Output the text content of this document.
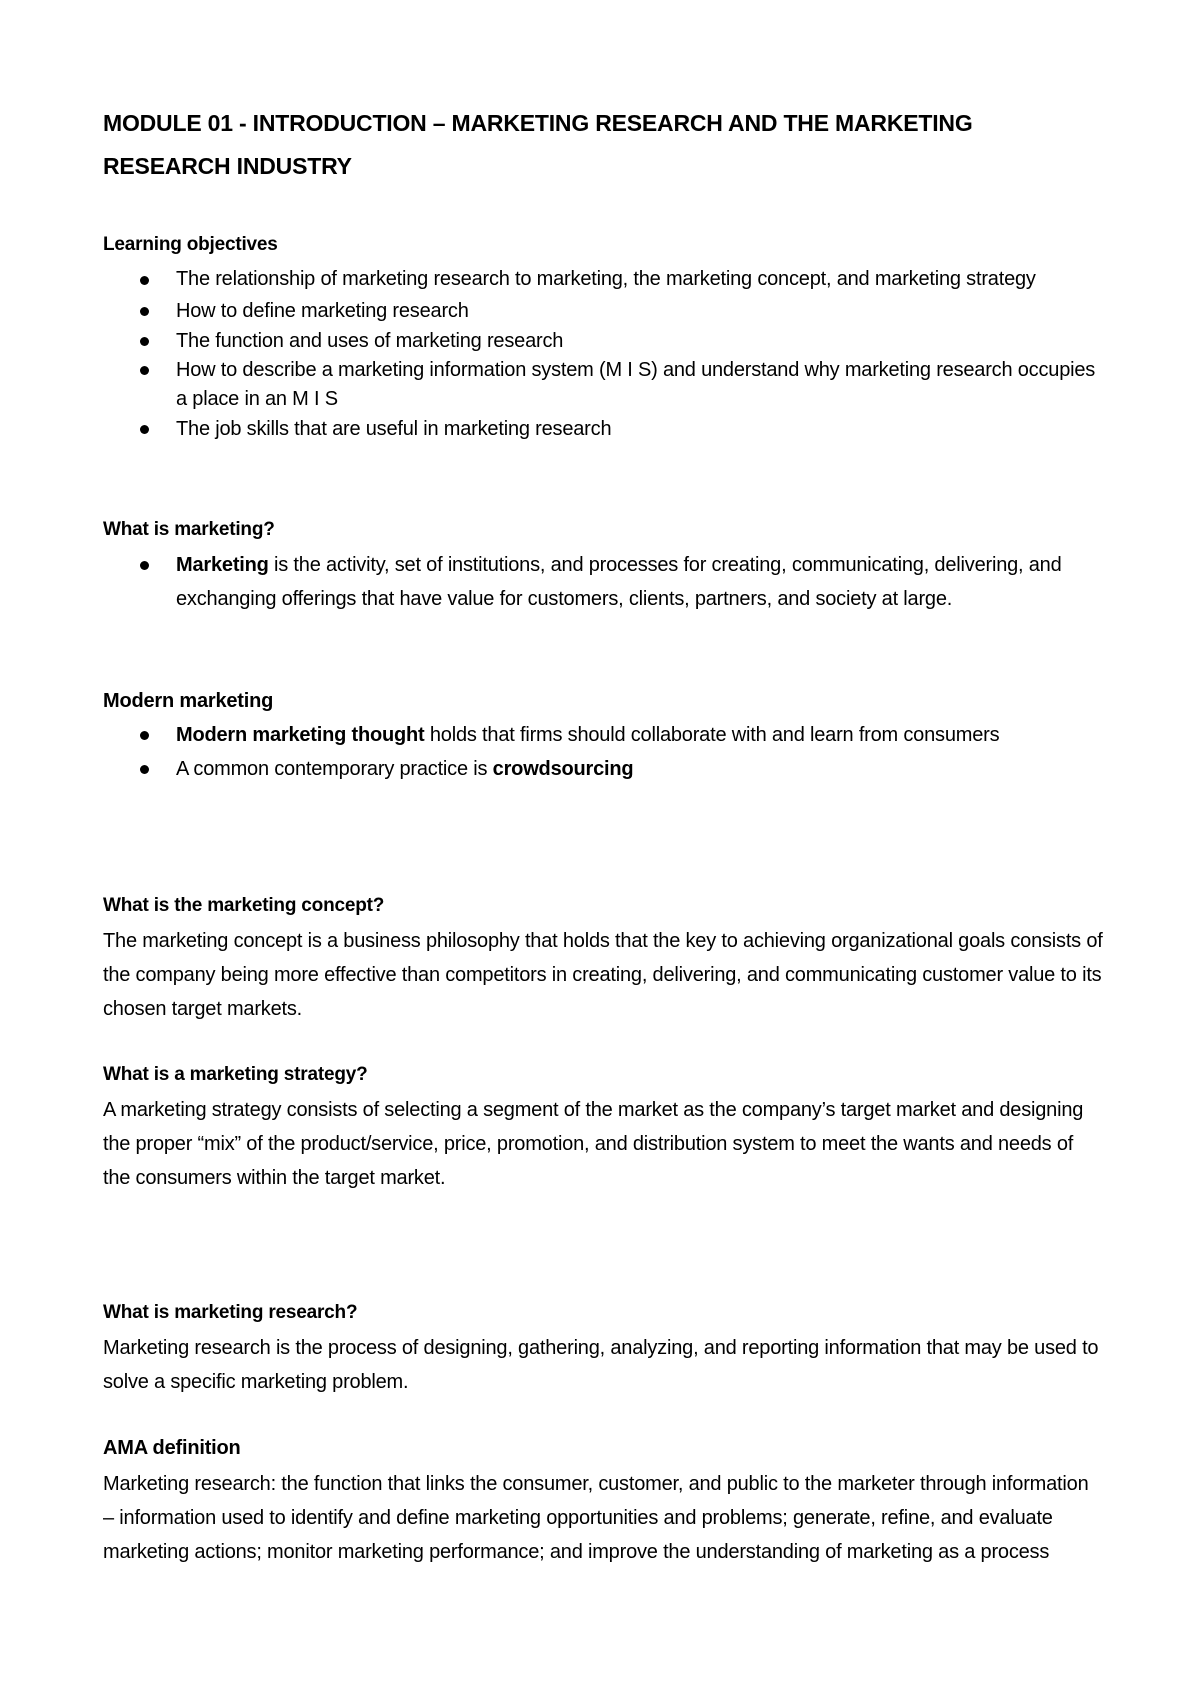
MODULE 01 - INTRODUCTION – MARKETING RESEARCH AND THE MARKETING RESEARCH INDUSTRY
Learning objectives
The relationship of marketing research to marketing, the marketing concept, and marketing strategy
How to define marketing research
The function and uses of marketing research
How to describe a marketing information system (M I S) and understand why marketing research occupies a place in an M I S
The job skills that are useful in marketing research
What is marketing?
Marketing is the activity, set of institutions, and processes for creating, communicating, delivering, and exchanging offerings that have value for customers, clients, partners, and society at large.
Modern marketing
Modern marketing thought holds that firms should collaborate with and learn from consumers
A common contemporary practice is crowdsourcing
What is the marketing concept?

The marketing concept is a business philosophy that holds that the key to achieving organizational goals consists of the company being more effective than competitors in creating, delivering, and communicating customer value to its chosen target markets.

What is a marketing strategy?

A marketing strategy consists of selecting a segment of the market as the company’s target market and designing the proper “mix” of the product/service, price, promotion, and distribution system to meet the wants and needs of the consumers within the target market.

What is marketing research?

Marketing research is the process of designing, gathering, analyzing, and reporting information that may be used to solve a specific marketing problem.

AMA definition

Marketing research: the function that links the consumer, customer, and public to the marketer through information – information used to identify and define marketing opportunities and problems; generate, refine, and evaluate marketing actions; monitor marketing performance; and improve the understanding of marketing as a process
